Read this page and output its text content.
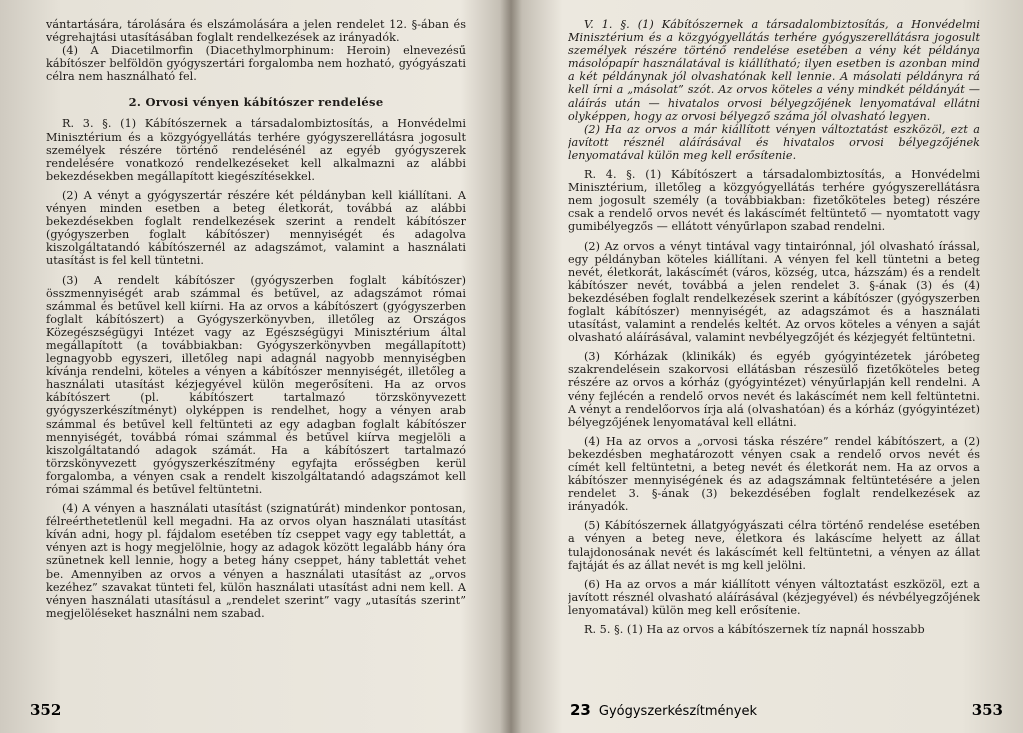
vántartására, tárolására és elszámolására a jelen rendelet 12. §-ában és végrehajtási utasításában foglalt rendelkezések az irányadók.

(4) A Diacetilmorfin (Diacethylmorphinum: Heroin) elnevezésű kábítószer belföldön gyógyszertári forgalomba nem hozható, gyógyászati célra nem használható fel.

2. Orvosi vényen kábítószer rendelése

R. 3. §. (1) Kábítószernek a társadalombiztosítás, a Honvédelmi Minisztérium és a közgyógyellátás terhére gyógyszerellátásra jogosult személyek részére történő rendelésénél az egyéb gyógyszerek rendelésére vonatkozó rendelkezéseket kell alkalmazni az alábbi bekezdésekben megállapított kiegészítésekkel.

(2) A vényt a gyógyszertár részére két példányban kell kiállítani. A vényen minden esetben a beteg életkorát, továbbá az alábbi bekezdésekben foglalt rendelkezések szerint a rendelt kábítószer (gyógyszerben foglalt kábítószer) mennyiségét és adagolva kiszolgáltatandó kábítószernél az adagszámot, valamint a használati utasítást is fel kell tüntetni.

(3) A rendelt kábítószer (gyógyszerben foglalt kábítószer) összmennyiségét arab számmal és betűvel, az adagszámot római számmal és betűvel kell kiírni. Ha az orvos a kábítószert (gyógyszerben foglalt kábítószert) a Gyógyszerkönyvben, illetőleg az Országos Közegészségügyi Intézet vagy az Egészségügyi Minisztérium által megállapított (a továbbiakban: Gyógyszerkönyvben megállapított) legnagyobb egyszeri, illetőleg napi adagnál nagyobb mennyiségben kívánja rendelni, köteles a vényen a kábítószer mennyiségét, illetőleg a használati utasítást kézjegyével külön megerősíteni. Ha az orvos kábítószert (pl. kábítószert tartalmazó törzskönyvezett gyógyszerkészítményt) olyképpen is rendelhet, hogy a vényen arab számmal és betűvel kell feltünteti az egy adagban foglalt kábítószer mennyiségét, továbbá római számmal és betűvel kiírva megjelöli a kiszolgáltatandó adagok számát. Ha a kábítószert tartalmazó törzskönyvezett gyógyszerkészítmény egyfajta erősségben kerül forgalomba, a vényen csak a rendelt kiszolgáltatandó adagszámot kell római számmal és betűvel feltüntetni.

(4) A vényen a használati utasítást (szignatúrát) mindenkor pontosan, félreérthetetlenül kell megadni. Ha az orvos olyan használati utasítást kíván adni, hogy pl. fájdalom esetében tíz cseppet vagy egy tablettát, a vényen azt is hogy megjelölnie, hogy az adagok között legalább hány óra szünetnek kell lennie, hogy a beteg hány cseppet, hány tablettát vehet be. Amennyiben az orvos a vényen a használati utasítást az „orvos kezéhez” szavakat tünteti fel, külön használati utasítást adni nem kell. A vényen használati utasításul a „rendelet szerint” vagy „utasítás szerint” megjelöléseket használni nem szabad.

V. 1. §. (1) Kábítószernek a társadalombiztosítás, a Honvédelmi Minisztérium és a közgyógyellátás terhére gyógyszerellátásra jogosult személyek részére történő rendelése esetében a vény két példánya másolópapír használatával is kiállítható; ilyen esetben is azonban mind a két példánynak jól olvashatónak kell lennie. A másolati példányra rá kell írni a „másolat” szót. Az orvos köteles a vény mindkét példányát — aláírás után — hivatalos orvosi bélyegzőjének lenyomatával ellátni olyképpen, hogy az orvosi bélyegző száma jól olvasható legyen.

(2) Ha az orvos a már kiállított vényen változtatást eszközöl, ezt a javított résznél aláírásával és hivatalos orvosi bélyegzőjének lenyomatával külön meg kell erősítenie.

R. 4. §. (1) Kábítószert a társadalombiztosítás, a Honvédelmi Minisztérium, illetőleg a közgyógyellátás terhére gyógyszerellátásra nem jogosult személy (a továbbiakban: fizetőköteles beteg) részére csak a rendelő orvos nevét és lakáscímét feltüntető — nyomtatott vagy gumibélyegzős — ellátott vényűrlapon szabad rendelni.

(2) Az orvos a vényt tintával vagy tintairónnal, jól olvasható írással, egy példányban köteles kiállítani. A vényen fel kell tüntetni a beteg nevét, életkorát, lakáscímét (város, község, utca, házszám) és a rendelt kábítószer nevét, továbbá a jelen rendelet 3. §-ának (3) és (4) bekezdésében foglalt rendelkezések szerint a kábítószer (gyógyszerben foglalt kábítószer) mennyiségét, az adagszámot és a használati utasítást, valamint a rendelés keltét. Az orvos köteles a vényen a saját olvasható aláírásával, valamint nevbélyegzőjét és kézjegyét feltüntetni.

(3) Kórházak (klinikák) és egyéb gyógyintézetek járóbeteg szakrendelésein szakorvosi ellátásban részesülő fizetőköteles beteg részére az orvos a kórház (gyógyintézet) vényűrlapján kell rendelni. A vény fejlécén a rendelő orvos nevét és lakáscímét nem kell feltüntetni. A vényt a rendelőorvos írja alá (olvashatóan) és a kórház (gyógyintézet) bélyegzőjének lenyomatával kell ellátni.

(4) Ha az orvos a „orvosi táska részére” rendel kábítószert, a (2) bekezdésben meghatározott vényen csak a rendelő orvos nevét és címét kell feltüntetni, a beteg nevét és életkorát nem. Ha az orvos a kábítószer mennyiségének és az adagszámnak feltüntetésére a jelen rendelet 3. §-ának (3) bekezdésében foglalt rendelkezések az irányadók.

(5) Kábítószernek állatgyógyászati célra történő rendelése esetében a vényen a beteg neve, életkora és lakáscíme helyett az állat tulajdonosának nevét és lakáscímét kell feltüntetni, a vényen az állat fajtáját és az állat nevét is mg kell jelölni.

(6) Ha az orvos a már kiállított vényen változtatást eszközöl, ezt a javított résznél olvasható aláírásával (kézjegyével) és névbélyegzőjének lenyomatával) külön meg kell erősítenie.

R. 5. §. (1) Ha az orvos a kábítószernek tíz napnál hosszabb

352	23 Gyógyszerkészítmények	353
